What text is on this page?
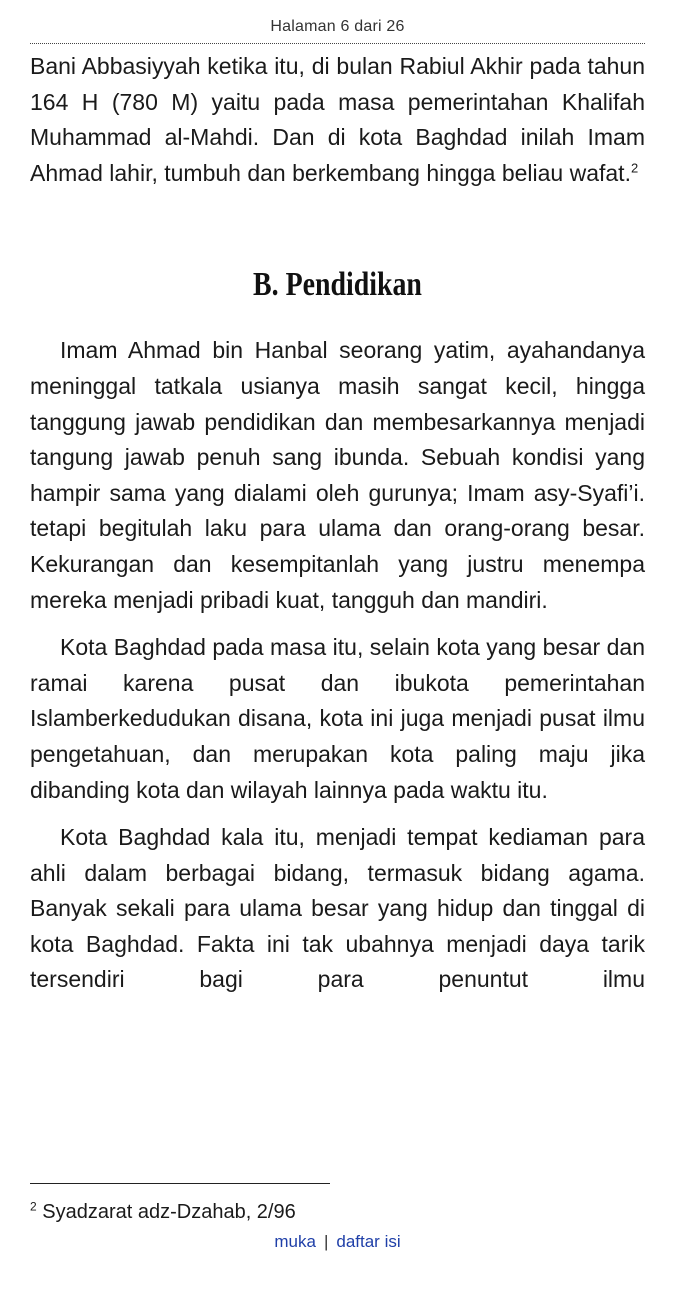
Halaman 6 dari 26

Bani Abbasiyyah ketika itu, di bulan Rabiul Akhir pada tahun 164 H (780 M) yaitu pada masa pemerintahan Khalifah Muhammad al-Mahdi. Dan di kota Baghdad inilah Imam Ahmad lahir, tumbuh dan berkembang hingga beliau wafat.$^2$

B. Pendidikan

Imam Ahmad bin Hanbal seorang yatim, ayahandanya meninggal tatkala usianya masih sangat kecil, hingga tanggung jawab pendidikan dan membesarkannya menjadi tangung jawab penuh sang ibunda. Sebuah kondisi yang hampir sama yang dialami oleh gurunya; Imam asy-Syafi’i. tetapi begitulah laku para ulama dan orang-orang besar. Kekurangan dan kesempitanlah yang justru menempa mereka menjadi pribadi kuat, tangguh dan mandiri.

Kota Baghdad pada masa itu, selain kota yang besar dan ramai karena pusat dan ibukota pemerintahan Islamberkedudukan disana, kota ini juga menjadi pusat ilmu pengetahuan, dan merupakan kota paling maju jika dibanding kota dan wilayah lainnya pada waktu itu.

Kota Baghdad kala itu, menjadi tempat kediaman para ahli dalam berbagai bidang, termasuk bidang agama. Banyak sekali para ulama besar yang hidup dan tinggal di kota Baghdad. Fakta ini tak ubahnya menjadi daya tarik tersendiri bagi para penuntut ilmu

$^2$ Syadzarat adz-Dzahab, 2/96
muka | daftar isi
